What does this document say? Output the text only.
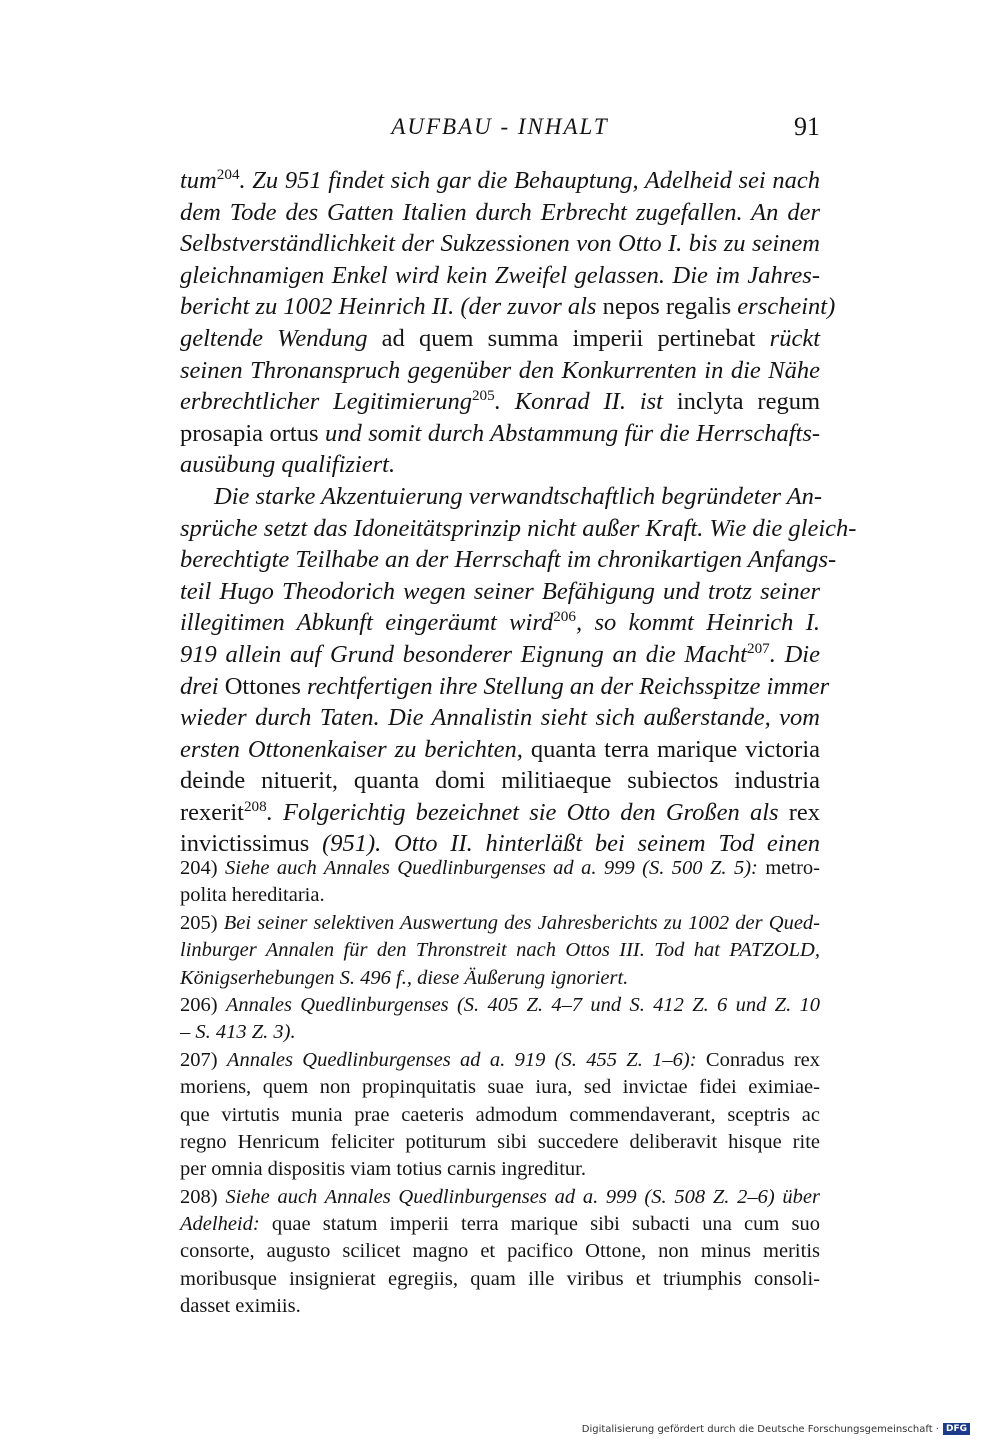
AUFBAU - INHALT	91
tum$^{204}$. Zu 951 findet sich gar die Behauptung, Adelheid sei nach
dem Tode des Gatten Italien durch Erbrecht zugefallen. An der
Selbstverständlichkeit der Sukzessionen von Otto I. bis zu seinem
gleichnamigen Enkel wird kein Zweifel gelassen. Die im Jahres-
bericht zu 1002 Heinrich II. (der zuvor als nepos regalis erscheint)
geltende Wendung ad quem summa imperii pertinebat rückt
seinen Thronanspruch gegenüber den Konkurrenten in die Nähe
erbrechtlicher Legitimierung$^{205}$. Konrad II. ist inclyta regum
prosapia ortus und somit durch Abstammung für die Herrschafts-
ausübung qualifiziert.
Die starke Akzentuierung verwandtschaftlich begründeter An-
sprüche setzt das Idoneitätsprinzip nicht außer Kraft. Wie die gleich-
berechtigte Teilhabe an der Herrschaft im chronikartigen Anfangs-
teil Hugo Theodorich wegen seiner Befähigung und trotz seiner
illegitimen Abkunft eingeräumt wird$^{206}$, so kommt Heinrich I.
919 allein auf Grund besonderer Eignung an die Macht$^{207}$. Die
drei Ottones rechtfertigen ihre Stellung an der Reichsspitze immer
wieder durch Taten. Die Annalistin sieht sich außerstande, vom
ersten Ottonenkaiser zu berichten, quanta terra marique victoria
deinde nituerit, quanta domi militiaeque subiectos industria
rexerit$^{208}$. Folgerichtig bezeichnet sie Otto den Großen als rex
invictissimus (951). Otto II. hinterläßt bei seinem Tod einen
204) Siehe auch Annales Quedlinburgenses ad a. 999 (S. 500 Z. 5): metro-
polita hereditaria.
205) Bei seiner selektiven Auswertung des Jahresberichts zu 1002 der Qued-
linburger Annalen für den Thronstreit nach Ottos III. Tod hat PATZOLD,
Königserhebungen S. 496 f., diese Äußerung ignoriert.
206) Annales Quedlinburgenses (S. 405 Z. 4–7 und S. 412 Z. 6 und Z. 10
– S. 413 Z. 3).
207) Annales Quedlinburgenses ad a. 919 (S. 455 Z. 1–6): Conradus rex
moriens, quem non propinquitatis suae iura, sed invictae fidei eximiae-
que virtutis munia prae caeteris admodum commendaverant, sceptris ac
regno Henricum feliciter potiturum sibi succedere deliberavit hisque rite
per omnia dispositis viam totius carnis ingreditur.
208) Siehe auch Annales Quedlinburgenses ad a. 999 (S. 508 Z. 2–6) über
Adelheid: quae statum imperii terra marique sibi subacti una cum suo
consorte, augusto scilicet magno et pacifico Ottone, non minus meritis
moribusque insignierat egregiis, quam ille viribus et triumphis consoli-
dasset eximiis.
Digitalisierung gefördert durch die Deutsche Forschungsgemeinschaft · DFG
